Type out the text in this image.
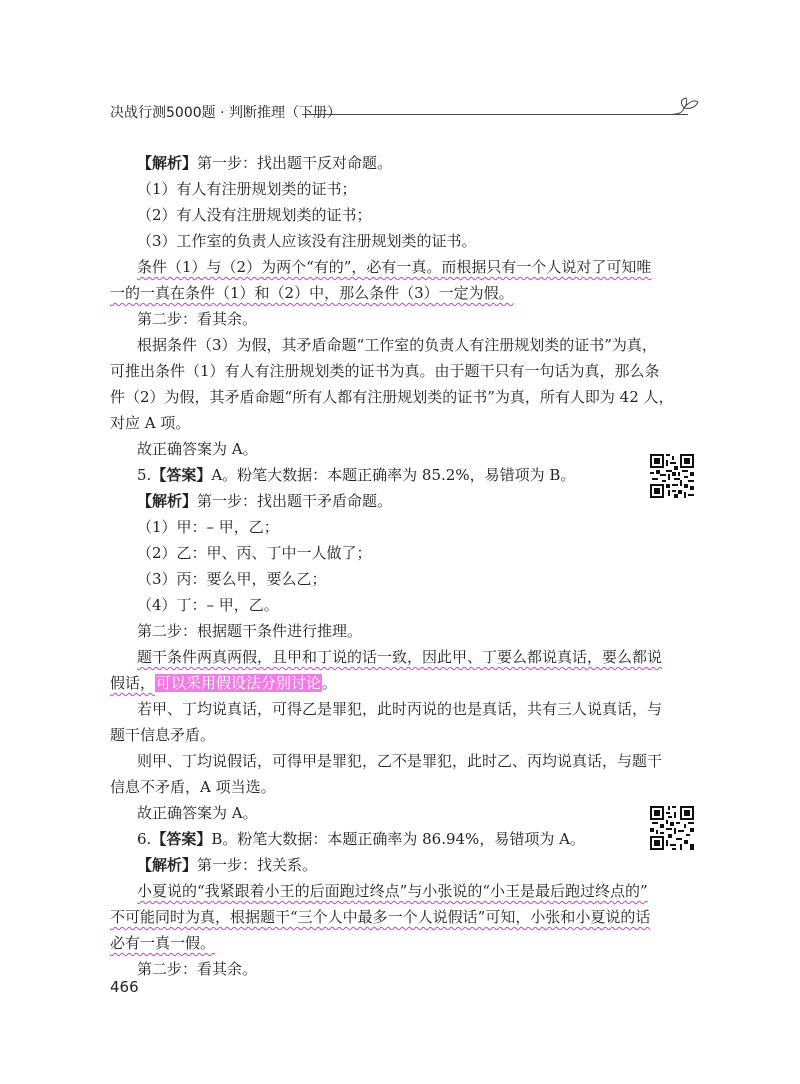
决战行测5000题 · 判断推理（下册）
【解析】第一步：找出题干反对命题。
（1）有人有注册规划类的证书；
（2）有人没有注册规划类的证书；
（3）工作室的负责人应该没有注册规划类的证书。
条件（1）与（2）为两个“有的”，必有一真。而根据只有一个人说对了可知唯
一的一真在条件（1）和（2）中，那么条件（3）一定为假。
第二步：看其余。
根据条件（3）为假，其矛盾命题“工作室的负责人有注册规划类的证书”为真，
可推出条件（1）有人有注册规划类的证书为真。由于题干只有一句话为真，那么条
件（2）为假，其矛盾命题“所有人都有注册规划类的证书”为真，所有人即为 42 人，
对应 A 项。
故正确答案为 A。
5.【答案】A。粉笔大数据：本题正确率为 85.2%，易错项为 B。
【解析】第一步：找出题干矛盾命题。
（1）甲：– 甲，乙；
（2）乙：甲、丙、丁中一人做了；
（3）丙：要么甲，要么乙；
（4）丁：– 甲，乙。
第二步：根据题干条件进行推理。
题干条件两真两假，且甲和丁说的话一致，因此甲、丁要么都说真话，要么都说
假话，可以采用假设法分别讨论。
若甲、丁均说真话，可得乙是罪犯，此时丙说的也是真话，共有三人说真话，与
题干信息矛盾。
则甲、丁均说假话，可得甲是罪犯，乙不是罪犯，此时乙、丙均说真话，与题干
信息不矛盾，A 项当选。
故正确答案为 A。
6.【答案】B。粉笔大数据：本题正确率为 86.94%，易错项为 A。
【解析】第一步：找关系。
小夏说的“我紧跟着小王的后面跑过终点”与小张说的“小王是最后跑过终点的”
不可能同时为真，根据题干“三个人中最多一个人说假话”可知，小张和小夏说的话
必有一真一假。
第二步：看其余。
466
